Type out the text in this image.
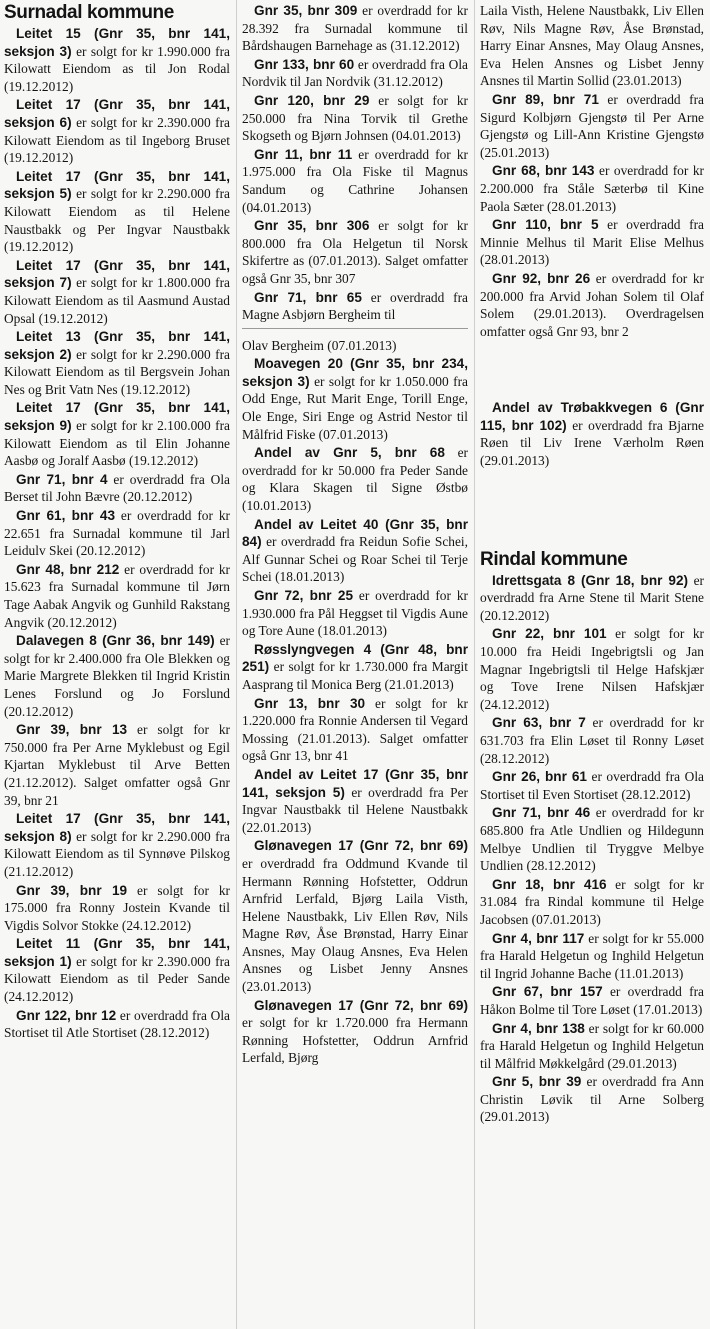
Surnadal kommune

Leitet 15 (Gnr 35, bnr 141, seksjon 3) er solgt for kr 1.990.000 fra Kilowatt Eiendom as til Jon Rodal (19.12.2012)

Leitet 17 (Gnr 35, bnr 141, seksjon 6) er solgt for kr 2.390.000 fra Kilowatt Eiendom as til Ingeborg Bruset (19.12.2012)

Leitet 17 (Gnr 35, bnr 141, seksjon 5) er solgt for kr 2.290.000 fra Kilowatt Eiendom as til Helene Naustbakk og Per Ingvar Naustbakk (19.12.2012)

Leitet 17 (Gnr 35, bnr 141, seksjon 7) er solgt for kr 1.800.000 fra Kilowatt Eiendom as til Aasmund Austad Opsal (19.12.2012)

Leitet 13 (Gnr 35, bnr 141, seksjon 2) er solgt for kr 2.290.000 fra Kilowatt Eiendom as til Bergsvein Johan Nes og Brit Vatn Nes (19.12.2012)

Leitet 17 (Gnr 35, bnr 141, seksjon 9) er solgt for kr 2.100.000 fra Kilowatt Eiendom as til Elin Johanne Aasbø og Joralf Aasbø (19.12.2012)

Gnr 71, bnr 4 er overdradd fra Ola Berset til John Bævre (20.12.2012)

Gnr 61, bnr 43 er overdradd for kr 22.651 fra Surnadal kommune til Jarl Leidulv Skei (20.12.2012)

Gnr 48, bnr 212 er overdradd for kr 15.623 fra Surnadal kommune til Jørn Tage Aabak Angvik og Gunhild Rakstang Angvik (20.12.2012)

Dalavegen 8 (Gnr 36, bnr 149) er solgt for kr 2.400.000 fra Ole Blekken og Marie Margrete Blekken til Ingrid Kristin Lenes Forslund og Jo Forslund (20.12.2012)

Gnr 39, bnr 13 er solgt for kr 750.000 fra Per Arne Myklebust og Egil Kjartan Myklebust til Arve Betten (21.12.2012). Salget omfatter også Gnr 39, bnr 21

Leitet 17 (Gnr 35, bnr 141, seksjon 8) er solgt for kr 2.290.000 fra Kilowatt Eiendom as til Synnøve Pilskog (21.12.2012)

Gnr 39, bnr 19 er solgt for kr 175.000 fra Ronny Jostein Kvande til Vigdis Solvor Stokke (24.12.2012)

Leitet 11 (Gnr 35, bnr 141, seksjon 1) er solgt for kr 2.390.000 fra Kilowatt Eiendom as til Peder Sande (24.12.2012)

Gnr 122, bnr 12 er overdradd fra Ola Stortiset til Atle Stortiset (28.12.2012)

Gnr 35, bnr 309 er overdradd for kr 28.392 fra Surnadal kommune til Bårdshaugen Barnehage as (31.12.2012)

Gnr 133, bnr 60 er overdradd fra Ola Nordvik til Jan Nordvik (31.12.2012)

Gnr 120, bnr 29 er solgt for kr 250.000 fra Nina Torvik til Grethe Skogseth og Bjørn Johnsen (04.01.2013)

Gnr 11, bnr 11 er overdradd for kr 1.975.000 fra Ola Fiske til Magnus Sandum og Cathrine Johansen (04.01.2013)

Gnr 35, bnr 306 er solgt for kr 800.000 fra Ola Helgetun til Norsk Skifertre as (07.01.2013). Salget omfatter også Gnr 35, bnr 307

Gnr 71, bnr 65 er overdradd fra Magne Asbjørn Bergheim til

Olav Bergheim (07.01.2013)

Moavegen 20 (Gnr 35, bnr 234, seksjon 3) er solgt for kr 1.050.000 fra Odd Enge, Rut Marit Enge, Torill Enge, Ole Enge, Siri Enge og Astrid Nestor til Målfrid Fiske (07.01.2013)

Andel av Gnr 5, bnr 68 er overdradd for kr 50.000 fra Peder Sande og Klara Skagen til Signe Østbø (10.01.2013)

Andel av Leitet 40 (Gnr 35, bnr 84) er overdradd fra Reidun Sofie Schei, Alf Gunnar Schei og Roar Schei til Terje Schei (18.01.2013)

Gnr 72, bnr 25 er overdradd for kr 1.930.000 fra Pål Heggset til Vigdis Aune og Tore Aune (18.01.2013)

Røsslyngvegen 4 (Gnr 48, bnr 251) er solgt for kr 1.730.000 fra Margit Aasprang til Monica Berg (21.01.2013)

Gnr 13, bnr 30 er solgt for kr 1.220.000 fra Ronnie Andersen til Vegard Mossing (21.01.2013). Salget omfatter også Gnr 13, bnr 41

Andel av Leitet 17 (Gnr 35, bnr 141, seksjon 5) er overdradd fra Per Ingvar Naustbakk til Helene Naustbakk (22.01.2013)

Glønavegen 17 (Gnr 72, bnr 69) er overdradd fra Oddmund Kvande til Hermann Rønning Hofstetter, Oddrun Arnfrid Lerfald, Bjørg Laila Visth, Helene Naustbakk, Liv Ellen Røv, Nils Magne Røv, Åse Brønstad, Harry Einar Ansnes, May Olaug Ansnes, Eva Helen Ansnes og Lisbet Jenny Ansnes (23.01.2013)

Glønavegen 17 (Gnr 72, bnr 69) er solgt for kr 1.720.000 fra Hermann Rønning Hofstetter, Oddrun Arnfrid Lerfald, Bjørg

Laila Visth, Helene Naustbakk, Liv Ellen Røv, Nils Magne Røv, Åse Brønstad, Harry Einar Ansnes, May Olaug Ansnes, Eva Helen Ansnes og Lisbet Jenny Ansnes til Martin Sollid (23.01.2013)

Gnr 89, bnr 71 er overdradd fra Sigurd Kolbjørn Gjengstø til Per Arne Gjengstø og Lill-Ann Kristine Gjengstø (25.01.2013)

Gnr 68, bnr 143 er overdradd for kr 2.200.000 fra Ståle Sæterbø til Kine Paola Sæter (28.01.2013)

Gnr 110, bnr 5 er overdradd fra Minnie Melhus til Marit Elise Melhus (28.01.2013)

Gnr 92, bnr 26 er overdradd for kr 200.000 fra Arvid Johan Solem til Olaf Solem (29.01.2013). Overdragelsen omfatter også Gnr 93, bnr 2

Andel av Trøbakkvegen 6 (Gnr 115, bnr 102) er overdradd fra Bjarne Røen til Liv Irene Værholm Røen (29.01.2013)

Rindal kommune

Idrettsgata 8 (Gnr 18, bnr 92) er overdradd fra Arne Stene til Marit Stene (20.12.2012)

Gnr 22, bnr 101 er solgt for kr 10.000 fra Heidi Ingebrigtsli og Jan Magnar Ingebrigtsli til Helge Hafskjær og Tove Irene Nilsen Hafskjær (24.12.2012)

Gnr 63, bnr 7 er overdradd for kr 631.703 fra Elin Løset til Ronny Løset (28.12.2012)

Gnr 26, bnr 61 er overdradd fra Ola Stortiset til Even Stortiset (28.12.2012)

Gnr 71, bnr 46 er overdradd for kr 685.800 fra Atle Undlien og Hildegunn Melbye Undlien til Tryggve Melbye Undlien (28.12.2012)

Gnr 18, bnr 416 er solgt for kr 31.084 fra Rindal kommune til Helge Jacobsen (07.01.2013)

Gnr 4, bnr 117 er solgt for kr 55.000 fra Harald Helgetun og Inghild Helgetun til Ingrid Johanne Bache (11.01.2013)

Gnr 67, bnr 157 er overdradd fra Håkon Bolme til Tore Løset (17.01.2013)

Gnr 4, bnr 138 er solgt for kr 60.000 fra Harald Helgetun og Inghild Helgetun til Målfrid Møkkelgård (29.01.2013)

Gnr 5, bnr 39 er overdradd fra Ann Christin Løvik til Arne Solberg (29.01.2013)
